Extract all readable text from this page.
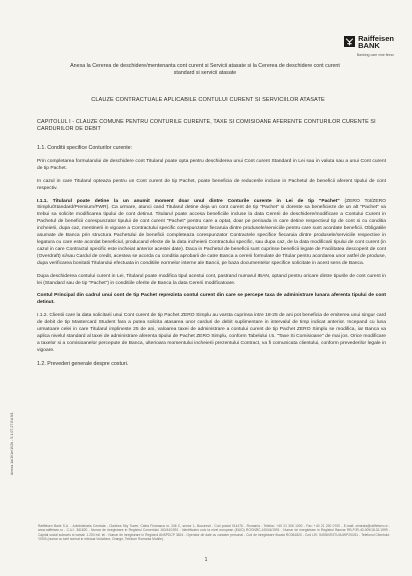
Raiffeisen
BANK
Banking care vine firesc
Anexa la Cererea de deschidere/mentenanta cont curent si Servicii atasate si la Cererea de deschidere cont curent standard si servicii atasate
CLAUZE CONTRACTUALE APLICABILE CONTULUI CURENT SI SERVICIILOR ATASATE
CAPITOLUL I - CLAUZE COMUNE PENTRU CONTURILE CURENTE, TAXE SI COMISIOANE AFERENTE CONTURILOR CURENTE SI CARDURILOR DE DEBIT

1.1. Conditii specifice Conturilor curente:

Prin completarea formularului de deschidere cont Titularul poate opta pentru deschiderea unui Cont curent Standard in Lei sau in valuta sau a unui Cont curent de tip Pachet.

In cazul in care Titularul opteaza pentru un Cont curent de tip Pachet, poate beneficia de reducerile incluse in Pachetul de beneficii aferent tipului de cont respectiv.

I.1.1. Titularul poate detine la un anumit moment doar unul dintre Conturile curente in Lei de tip "Pachet" (ZERO Tot/ZERO Simplu/Standard/Premium/FWR). Ca urmare, atunci cand Titularul detine deja un cont curent de tip "Pachet" si doreste sa beneficieze de un alt "Pachet" va trebui sa solicite modificarea tipului de cont detinut. Titularul poate accesa beneficiile incluse la data Cererii de deschidere/modificare a Contului Curent in Pachetul de beneficii corespunzator tipului de cont curent "Pachet" pentru care a optat, doar pe perioada in care detine respectivul tip de cont si cu conditia incheierii, dupa caz, mentinerii in vigoare a Contractului specific corespunzator fiecaruia dintre produsele/serviciile pentru care sunt acordate beneficii. Obligatiile asumate de Banca prin structura Pachetului de beneficii completeaza corespunzator Contractele specifice fiecaruia dintre produsele/serviciile respective in legatura cu care este acordat beneficiul, producand efecte de la data incheierii Contractului specific, sau dupa caz, de la data modificarii tipului de cont curent (in cazul in care Contractul specific este incheiat anterior acestei date). Daca in Pachetul de beneficii sunt cuprinse beneficii legate de Facilitatea descoperit de cont (Overdraft) si/sau Cardul de credit, acestea se acorda cu conditia aprobarii de catre Banca a cererii formulate de Titular pentru acordarea unor astfel de produse, dupa verificarea bonitatii Titularului efectuata in conditiile normelor interne ale Bancii, pe baza documentelor specifice solicitate in acest sens de Banca.

Dupa deschiderea contului curent in Lei, Titularul poate modifica tipul acestui cont, pastrand numarul IBAN, optand pentru oricare dintre tipurile de cont curent in lei (Standard sau de tip "Pachet") in conditiile oferite de Banca la data Cererii modificatoare.

Contul Principal din cadrul unui cont de tip Pachet reprezinta contul curent din care se percepe taxa de administrare lunara aferenta tipului de cont detinut.

I.1.2. Clientii care la data solicitarii unui Cont curent de tip Pachet ZERO Simplu au varsta cuprinsa intre 18-25 de ani pot beneficia de emiterea unui singur card de debit de tip Mastercard Student fara a putea solicita atasarea unor carduri de debit suplimentare in intervalul de timp indicat anterior. Incepand cu luna urmatoare celei in care Titularul implineste 25 de ani, valoarea taxei de administrare a contului curent de tip Pachet ZERO Simplu se modifica, iar Banca va aplica nivelul standard al taxei de administrare aferenta tipului de Pachet ZERO Simplu, conform Tabelului I.5. "Taxe Si Comisioane" de mai jos. Orice modificare a taxelor si a comisioanelor percepute de Banca, ulterioara momentului incheierii prezentului Contract, va fi comunicata clientului, conform prevederilor legale in vigoare.

1.2. Prevederi generale despre costuri.

Anexa 1a/1f/1e/1f/2b - 5.1.07.27.Ed.9/1
Raiffeisen Bank S.A. - Administratia Centrala - Cladirea Sky Tower, Calea Floreasca nr. 246 C, sector 1, Bucuresti - Cod postal 014476 - Romania - Telefon: +40 21 306 1000 - Fax: +40 21 230 0700 - E-mail: centrala@raiffeisen.ro - www.raiffeisen.ro - C.U.I. 361820 - Numar de inregistrare in Registrul Comertului J40/44/1991 - Identificator unic la nivel european (EUID) ROONRC.J40/44/1991 - Numar de inregistrare in Registrul Bancar RB-PJR-40-009/18.02.1999 - Capital social subscris si varsat: 1.200 mil. lei - Numar de inregistrare in Registrul ANSPDCP 3824 - Operator de date cu caracter personal - Cod de inregistrare fiscala RO361820 - Cod LEI: 549300RZ7U4UWP2I0J51 - Telefonul Clientului: *2000 (numar cu tarif normal in reteaua Vodafone, Orange, Telekom Romania Mobile).
1
